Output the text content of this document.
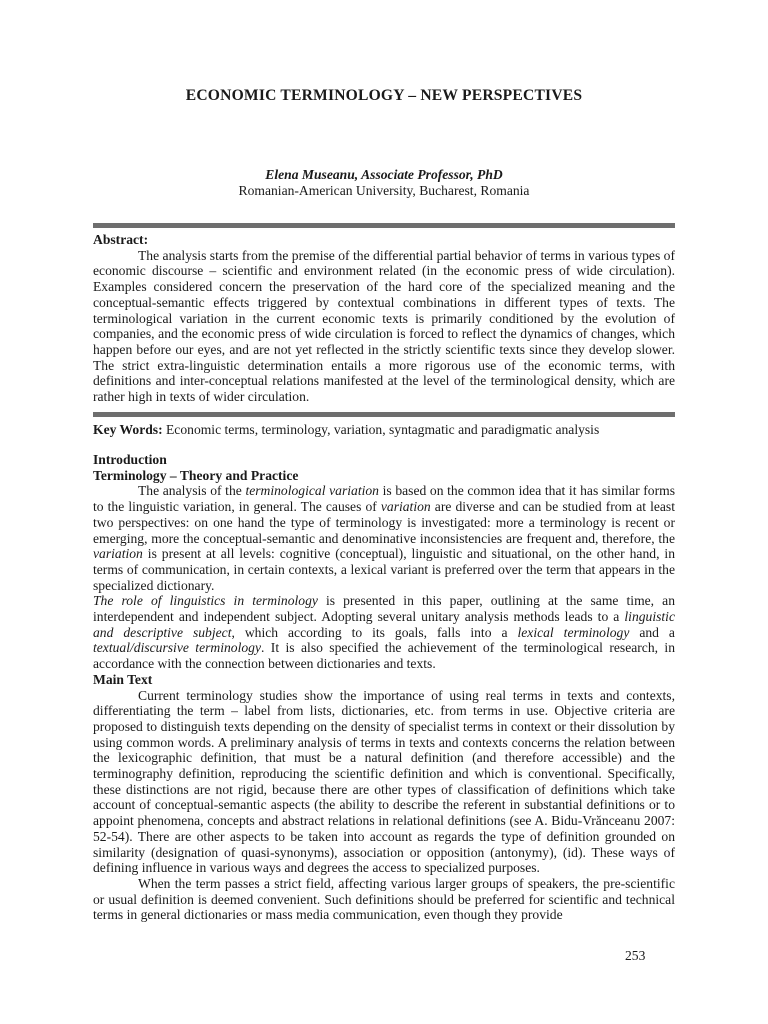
ECONOMIC TERMINOLOGY – NEW PERSPECTIVES
Elena Museanu, Associate Professor, PhD
Romanian-American University, Bucharest, Romania
Abstract:

The analysis starts from the premise of the differential partial behavior of terms in various types of economic discourse – scientific and environment related (in the economic press of wide circulation). Examples considered concern the preservation of the hard core of the specialized meaning and the conceptual-semantic effects triggered by contextual combinations in different types of texts. The terminological variation in the current economic texts is primarily conditioned by the evolution of companies, and the economic press of wide circulation is forced to reflect the dynamics of changes, which happen before our eyes, and are not yet reflected in the strictly scientific texts since they develop slower. The strict extra-linguistic determination entails a more rigorous use of the economic terms, with definitions and inter-conceptual relations manifested at the level of the terminological density, which are rather high in texts of wider circulation.

Key Words: Economic terms, terminology, variation, syntagmatic and paradigmatic analysis

Introduction
Terminology – Theory and Practice

The analysis of the terminological variation is based on the common idea that it has similar forms to the linguistic variation, in general. The causes of variation are diverse and can be studied from at least two perspectives: on one hand the type of terminology is investigated: more a terminology is recent or emerging, more the conceptual-semantic and denominative inconsistencies are frequent and, therefore, the variation is present at all levels: cognitive (conceptual), linguistic and situational, on the other hand, in terms of communication, in certain contexts, a lexical variant is preferred over the term that appears in the specialized dictionary.

The role of linguistics in terminology is presented in this paper, outlining at the same time, an interdependent and independent subject. Adopting several unitary analysis methods leads to a linguistic and descriptive subject, which according to its goals, falls into a lexical terminology and a textual/discursive terminology. It is also specified the achievement of the terminological research, in accordance with the connection between dictionaries and texts.

Main Text

Current terminology studies show the importance of using real terms in texts and contexts, differentiating the term – label from lists, dictionaries, etc. from terms in use. Objective criteria are proposed to distinguish texts depending on the density of specialist terms in context or their dissolution by using common words. A preliminary analysis of terms in texts and contexts concerns the relation between the lexicographic definition, that must be a natural definition (and therefore accessible) and the terminography definition, reproducing the scientific definition and which is conventional. Specifically, these distinctions are not rigid, because there are other types of classification of definitions which take account of conceptual-semantic aspects (the ability to describe the referent in substantial definitions or to appoint phenomena, concepts and abstract relations in relational definitions (see A. Bidu-Vrănceanu 2007: 52-54). There are other aspects to be taken into account as regards the type of definition grounded on similarity (designation of quasi-synonyms), association or opposition (antonymy), (id). These ways of defining influence in various ways and degrees the access to specialized purposes.

When the term passes a strict field, affecting various larger groups of speakers, the pre-scientific or usual definition is deemed convenient. Such definitions should be preferred for scientific and technical terms in general dictionaries or mass media communication, even though they provide

253
